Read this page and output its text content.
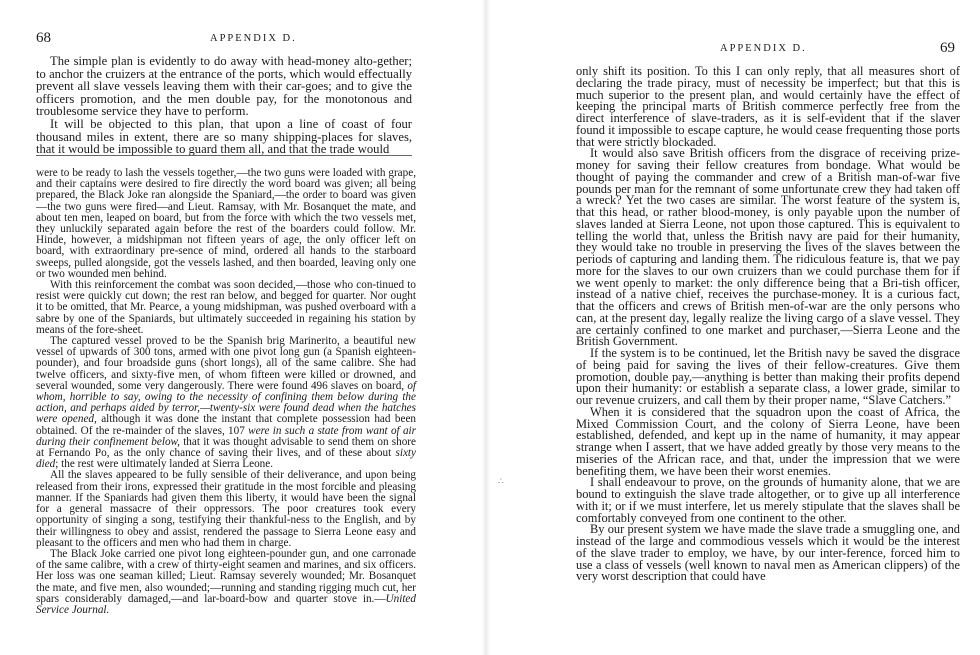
68	APPENDIX D.

The simple plan is evidently to do away with head-money alto-gether; to anchor the cruizers at the entrance of the ports, which would effectually prevent all slave vessels leaving them with their car-goes; and to give the officers promotion, and the men double pay, for the monotonous and troublesome service they have to perform.

It will be objected to this plan, that upon a line of coast of four thousand miles in extent, there are so many shipping-places for slaves, that it would be impossible to guard them all, and that the trade would

were to be ready to lash the vessels together,—the two guns were loaded with grape, and their captains were desired to fire directly the word board was given; all being prepared, the Black Joke ran alongside the Spaniard,—the order to board was given—the two guns were fired—and Lieut. Ramsay, with Mr. Bosanquet the mate, and about ten men, leaped on board, but from the force with which the two vessels met, they unluckily separated again before the rest of the boarders could follow. Mr. Hinde, however, a midshipman not fifteen years of age, the only officer left on board, with extraordinary pre-sence of mind, ordered all hands to the starboard sweeps, pulled alongside, got the vessels lashed, and then boarded, leaving only one or two wounded men behind.

With this reinforcement the combat was soon decided,—those who con-tinued to resist were quickly cut down; the rest ran below, and begged for quarter. Nor ought it to be omitted, that Mr. Pearce, a young midshipman, was pushed overboard with a sabre by one of the Spaniards, but ultimately succeeded in regaining his station by means of the fore-sheet.

The captured vessel proved to be the Spanish brig Marinerito, a beautiful new vessel of upwards of 300 tons, armed with one pivot long gun (a Spanish eighteen-pounder), and four broadside guns (short longs), all of the same calibre. She had twelve officers, and sixty-five men, of whom fifteen were killed or drowned, and several wounded, some very dangerously. There were found 496 slaves on board, of whom, horrible to say, owing to the necessity of confining them below during the action, and perhaps aided by terror,—twenty-six were found dead when the hatches were opened, although it was done the instant that complete possession had been obtained. Of the re-mainder of the slaves, 107 were in such a state from want of air during their confinement below, that it was thought advisable to send them on shore at Fernando Po, as the only chance of saving their lives, and of these about sixty died; the rest were ultimately landed at Sierra Leone.

All the slaves appeared to be fully sensible of their deliverance, and upon being released from their irons, expressed their gratitude in the most forcible and pleasing manner. If the Spaniards had given them this liberty, it would have been the signal for a general massacre of their oppressors. The poor creatures took every opportunity of singing a song, testifying their thankful-ness to the English, and by their willingness to obey and assist, rendered the passage to Sierra Leone easy and pleasant to the officers and men who had them in charge.

The Black Joke carried one pivot long eighteen-pounder gun, and one carronade of the same calibre, with a crew of thirty-eight seamen and marines, and six officers. Her loss was one seaman killed; Lieut. Ramsay severely wounded; Mr. Bosanquet the mate, and five men, also wounded;—running and standing rigging much cut, her spars considerably damaged,—and lar-board-bow and quarter stove in.—United Service Journal.

∴
APPENDIX D.	69

only shift its position. To this I can only reply, that all measures short of declaring the trade piracy, must of necessity be imperfect; but that this is much superior to the present plan, and would certainly have the effect of keeping the principal marts of British commerce perfectly free from the direct interference of slave-traders, as it is self-evident that if the slaver found it impossible to escape capture, he would cease frequenting those ports that were strictly blockaded.

It would also save British officers from the disgrace of receiving prize-money for saving their fellow creatures from bondage. What would be thought of paying the commander and crew of a British man-of-war five pounds per man for the remnant of some unfortunate crew they had taken off a wreck? Yet the two cases are similar. The worst feature of the system is, that this head, or rather blood-money, is only payable upon the number of slaves landed at Sierra Leone, not upon those captured. This is equivalent to telling the world that, unless the British navy are paid for their humanity, they would take no trouble in preserving the lives of the slaves between the periods of capturing and landing them. The ridiculous feature is, that we pay more for the slaves to our own cruizers than we could purchase them for if we went openly to market: the only difference being that a Bri-tish officer, instead of a native chief, receives the purchase-money. It is a curious fact, that the officers and crews of British men-of-war are the only persons who can, at the present day, legally realize the living cargo of a slave vessel. They are certainly confined to one market and purchaser,—Sierra Leone and the British Government.

If the system is to be continued, let the British navy be saved the disgrace of being paid for saving the lives of their fellow-creatures. Give them promotion, double pay,—anything is better than making their profits depend upon their humanity: or establish a separate class, a lower grade, similar to our revenue cruizers, and call them by their proper name, “Slave Catchers.”

When it is considered that the squadron upon the coast of Africa, the Mixed Commission Court, and the colony of Sierra Leone, have been established, defended, and kept up in the name of humanity, it may appear strange when I assert, that we have added greatly by those very means to the miseries of the African race, and that, under the impression that we were benefiting them, we have been their worst enemies.

I shall endeavour to prove, on the grounds of humanity alone, that we are bound to extinguish the slave trade altogether, or to give up all interference with it; or if we must interfere, let us merely stipulate that the slaves shall be comfortably conveyed from one continent to the other.

By our present system we have made the slave trade a smuggling one, and instead of the large and commodious vessels which it would be the interest of the slave trader to employ, we have, by our inter-ference, forced him to use a class of vessels (well known to naval men as American clippers) of the very worst description that could have
